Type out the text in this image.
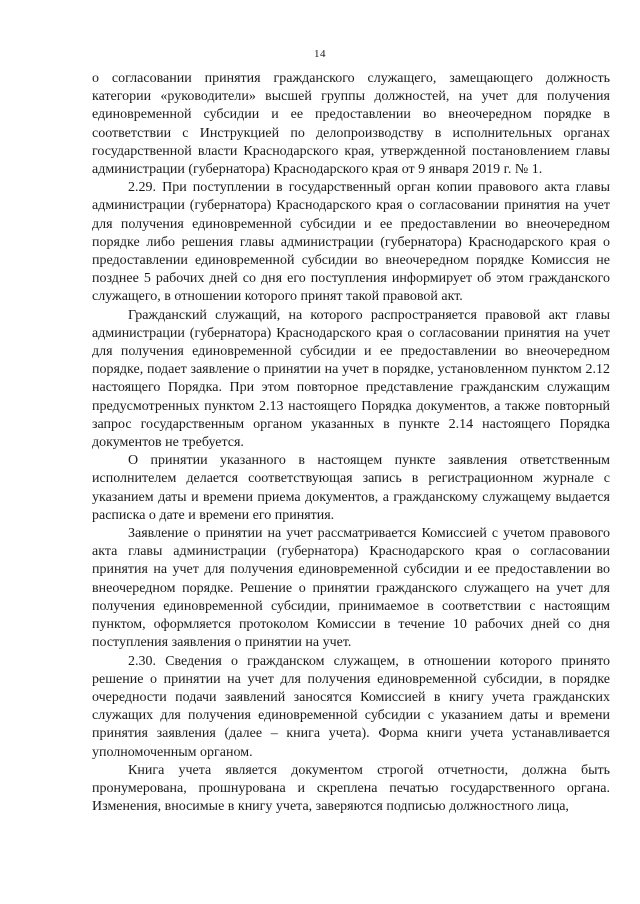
14

о согласовании принятия гражданского служащего, замещающего должность категории «руководители» высшей группы должностей, на учет для получения единовременной субсидии и ее предоставлении во внеочередном порядке в соответствии с Инструкцией по делопроизводству в исполнительных органах государственной власти Краснодарского края, утвержденной постановлением главы администрации (губернатора) Краснодарского края от 9 января 2019 г. № 1.

2.29. При поступлении в государственный орган копии правового акта главы администрации (губернатора) Краснодарского края о согласовании принятия на учет для получения единовременной субсидии и ее предоставлении во внеочередном порядке либо решения главы администрации (губернатора) Краснодарского края о предоставлении единовременной субсидии во внеочередном порядке Комиссия не позднее 5 рабочих дней со дня его поступления информирует об этом гражданского служащего, в отношении которого принят такой правовой акт.

Гражданский служащий, на которого распространяется правовой акт главы администрации (губернатора) Краснодарского края о согласовании принятия на учет для получения единовременной субсидии и ее предоставлении во внеочередном порядке, подает заявление о принятии на учет в порядке, установленном пунктом 2.12 настоящего Порядка. При этом повторное представление гражданским служащим предусмотренных пунктом 2.13 настоящего Порядка документов, а также повторный запрос государственным органом указанных в пункте 2.14 настоящего Порядка документов не требуется.

О принятии указанного в настоящем пункте заявления ответственным исполнителем делается соответствующая запись в регистрационном журнале с указанием даты и времени приема документов, а гражданскому служащему выдается расписка о дате и времени его принятия.

Заявление о принятии на учет рассматривается Комиссией с учетом правового акта главы администрации (губернатора) Краснодарского края о согласовании принятия на учет для получения единовременной субсидии и ее предоставлении во внеочередном порядке. Решение о принятии гражданского служащего на учет для получения единовременной субсидии, принимаемое в соответствии с настоящим пунктом, оформляется протоколом Комиссии в течение 10 рабочих дней со дня поступления заявления о принятии на учет.

2.30. Сведения о гражданском служащем, в отношении которого принято решение о принятии на учет для получения единовременной субсидии, в порядке очередности подачи заявлений заносятся Комиссией в книгу учета гражданских служащих для получения единовременной субсидии с указанием даты и времени принятия заявления (далее – книга учета). Форма книги учета устанавливается уполномоченным органом.

Книга учета является документом строгой отчетности, должна быть пронумерована, прошнурована и скреплена печатью государственного органа. Изменения, вносимые в книгу учета, заверяются подписью должностного лица,
